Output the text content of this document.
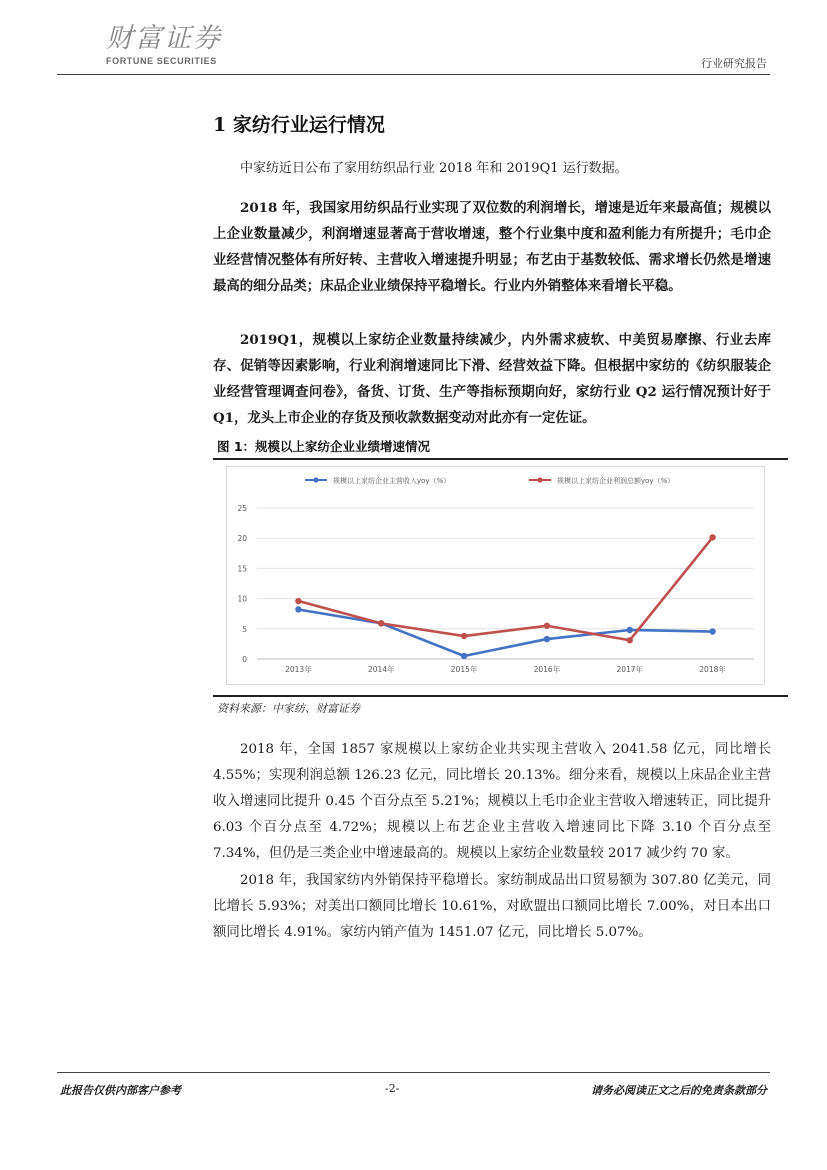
财富证券
FORTUNE SECURITIES	行业研究报告
1 家纺行业运行情况

中家纺近日公布了家用纺织品行业 2018 年和 2019Q1 运行数据。

2018 年，我国家用纺织品行业实现了双位数的利润增长，增速是近年来最高值；规模以上企业数量减少，利润增速显著高于营收增速，整个行业集中度和盈利能力有所提升；毛巾企业经营情况整体有所好转、主营收入增速提升明显；布艺由于基数较低、需求增长仍然是增速最高的细分品类；床品企业业绩保持平稳增长。行业内外销整体来看增长平稳。

2019Q1，规模以上家纺企业数量持续减少，内外需求疲软、中美贸易摩擦、行业去库存、促销等因素影响，行业利润增速同比下滑、经营效益下降。但根据中家纺的《纺织服装企业经营管理调查问卷》，备货、订货、生产等指标预期向好，家纺行业 Q2 运行情况预计好于 Q1，龙头上市企业的存货及预收款数据变动对此亦有一定佐证。

图 1：规模以上家纺企业业绩增速情况
0
5
10
15
20
25
2013年	2014年	2015年	2016年	2017年	2018年
规模以上家纺企业主营收入yoy（%）	规模以上家纺企业利润总额yoy（%）
资料来源：中家纺、财富证券

2018 年，全国 1857 家规模以上家纺企业共实现主营收入 2041.58 亿元，同比增长 4.55%；实现利润总额 126.23 亿元，同比增长 20.13%。细分来看，规模以上床品企业主营收入增速同比提升 0.45 个百分点至 5.21%；规模以上毛巾企业主营收入增速转正，同比提升 6.03 个百分点至 4.72%；规模以上布艺企业主营收入增速同比下降 3.10 个百分点至 7.34%，但仍是三类企业中增速最高的。规模以上家纺企业数量较 2017 减少约 70 家。

2018 年，我国家纺内外销保持平稳增长。家纺制成品出口贸易额为 307.80 亿美元，同比增长 5.93%；对美出口额同比增长 10.61%，对欧盟出口额同比增长 7.00%，对日本出口额同比增长 4.91%。家纺内销产值为 1451.07 亿元，同比增长 5.07%。

此报告仅供内部客户参考	-2-	请务必阅读正文之后的免责条款部分
